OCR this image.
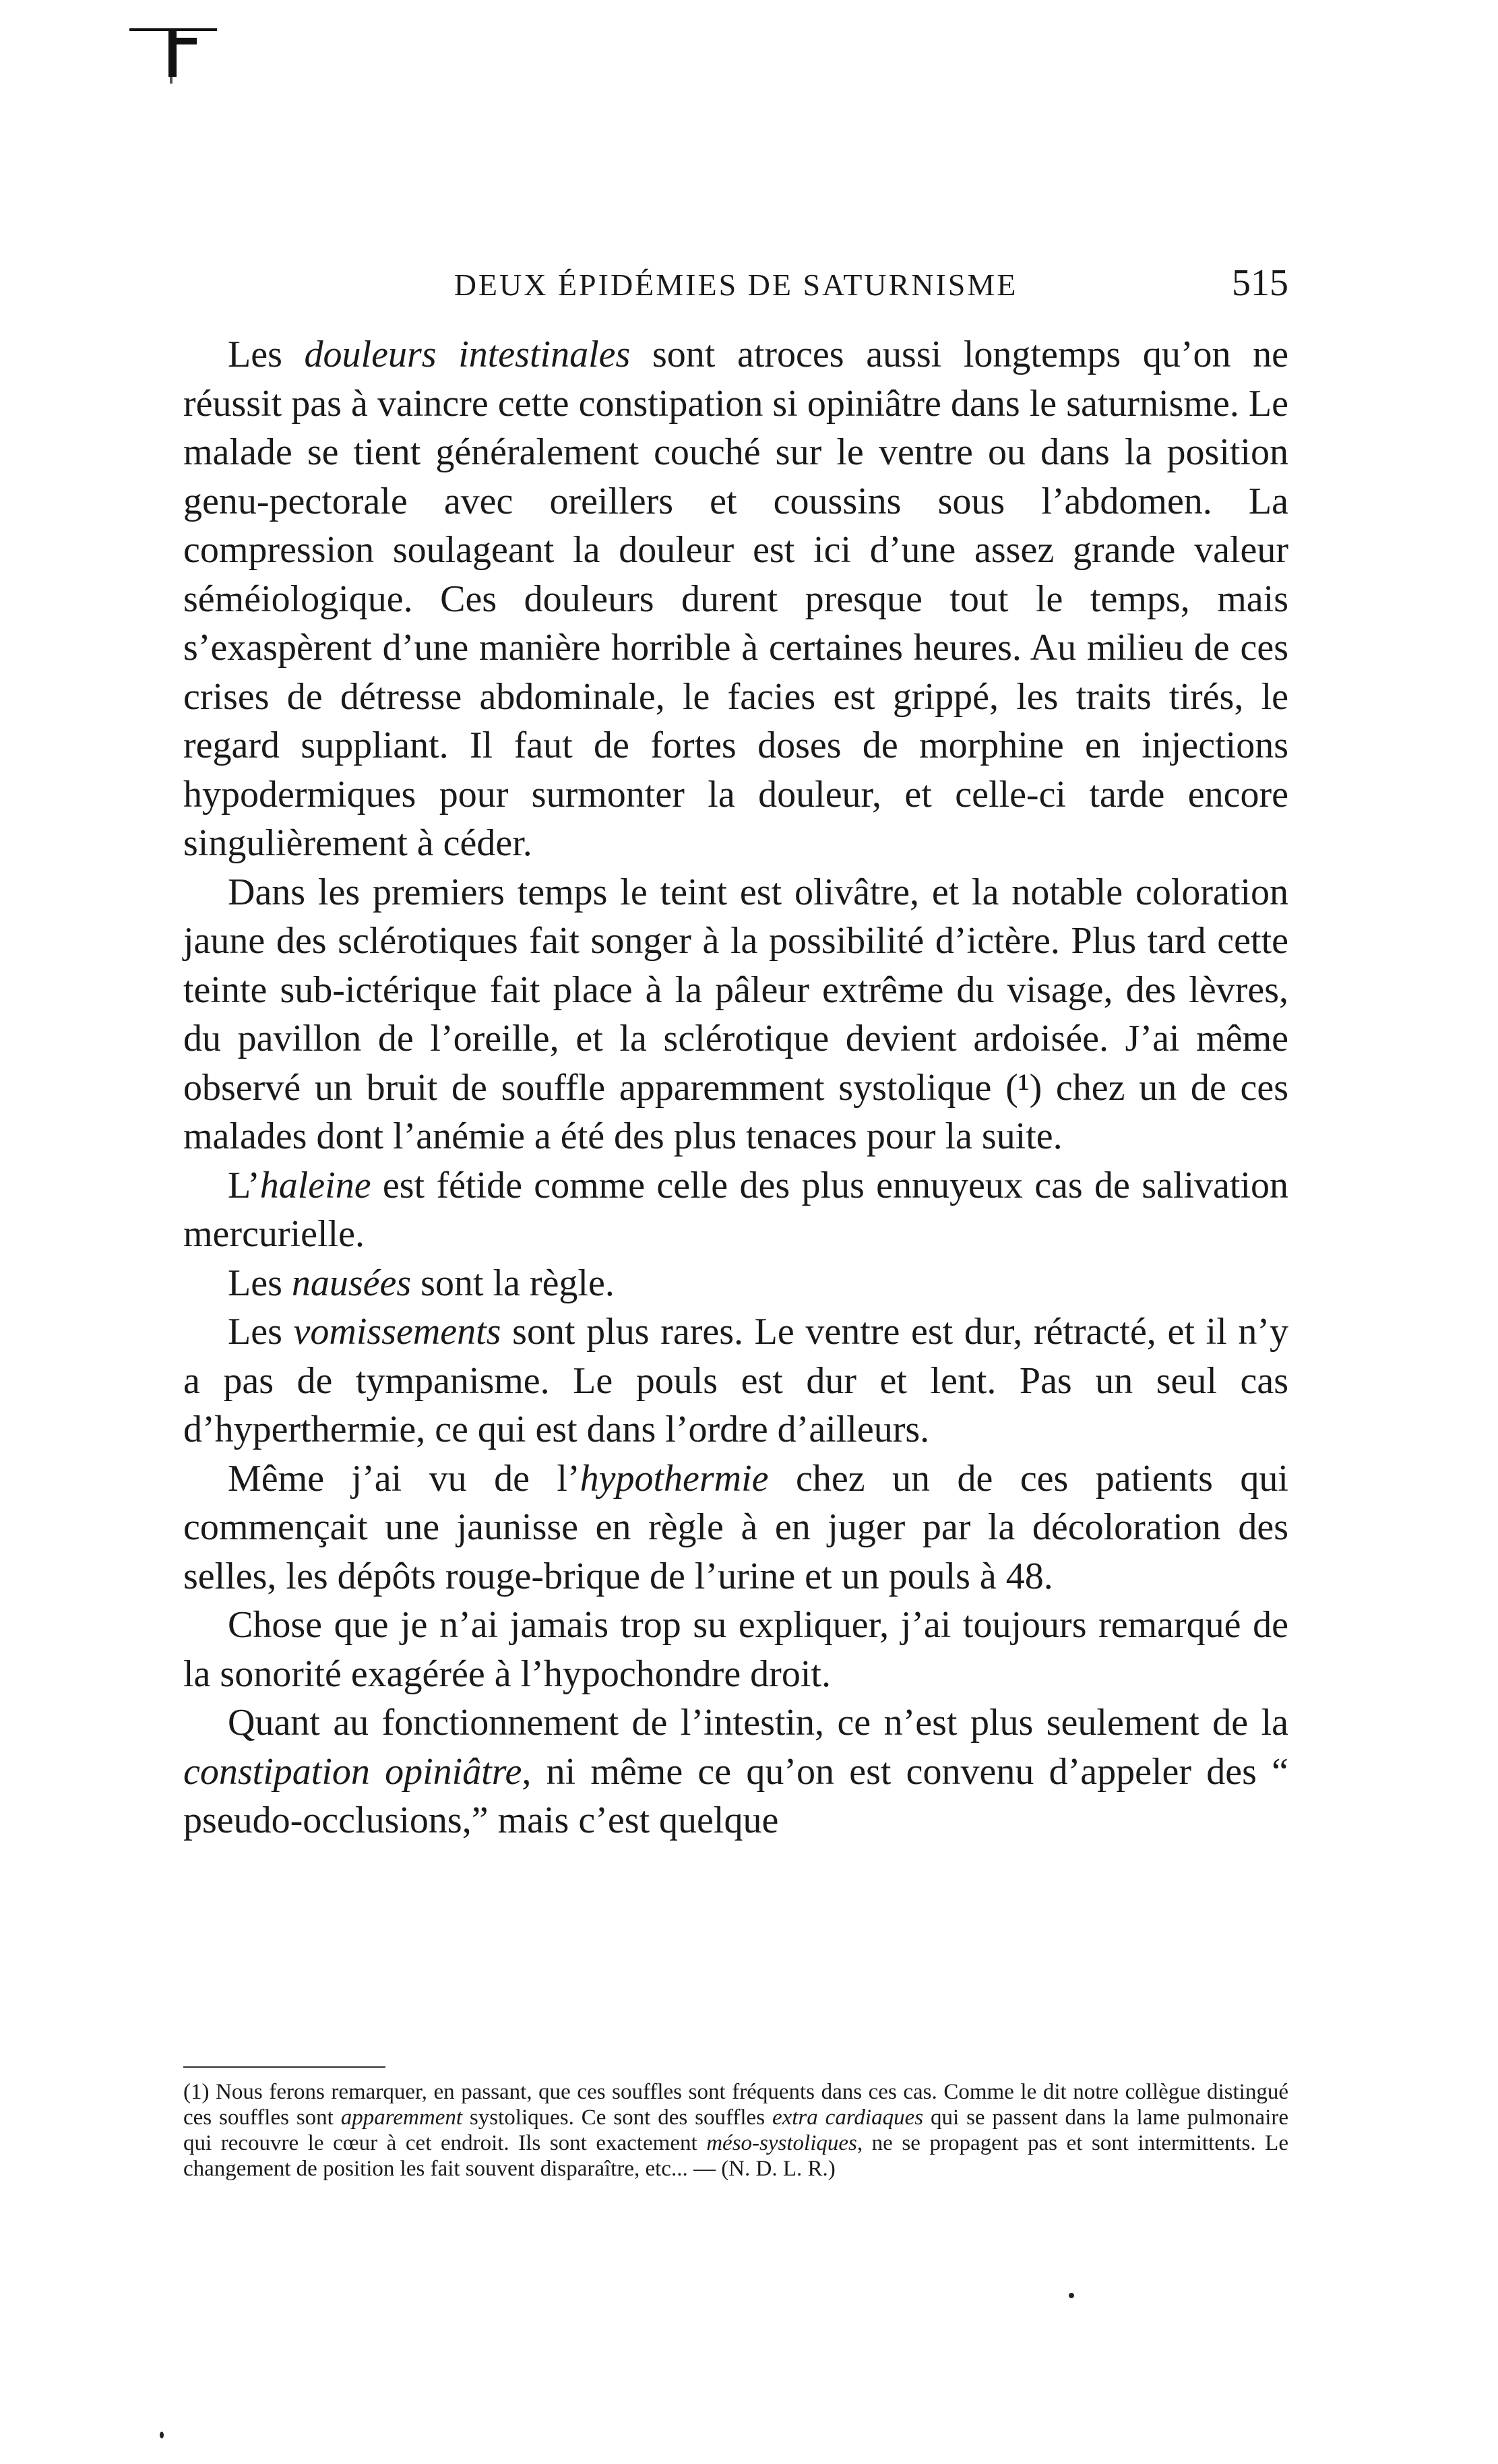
DEUX ÉPIDÉMIES DE SATURNISME	515

Les douleurs intestinales sont atroces aussi longtemps qu’on ne réussit pas à vaincre cette constipation si opiniâtre dans le saturnisme. Le malade se tient généralement couché sur le ventre ou dans la position genu-pectorale avec oreillers et coussins sous l’abdomen. La compression soulageant la douleur est ici d’une assez grande valeur séméiologique. Ces douleurs durent presque tout le temps, mais s’exaspèrent d’une manière horrible à certaines heures. Au milieu de ces crises de détresse abdominale, le facies est grippé, les traits tirés, le regard suppliant. Il faut de fortes doses de morphine en injections hypodermiques pour surmonter la douleur, et celle-ci tarde encore singulièrement à céder.

Dans les premiers temps le teint est olivâtre, et la notable coloration jaune des sclérotiques fait songer à la possibilité d’ictère. Plus tard cette teinte sub-ictérique fait place à la pâleur extrême du visage, des lèvres, du pavillon de l’oreille, et la sclérotique devient ardoisée. J’ai même observé un bruit de souffle apparemment systolique (¹) chez un de ces malades dont l’anémie a été des plus tenaces pour la suite.

L’haleine est fétide comme celle des plus ennuyeux cas de salivation mercurielle.

Les nausées sont la règle.

Les vomissements sont plus rares. Le ventre est dur, rétracté, et il n’y a pas de tympanisme. Le pouls est dur et lent. Pas un seul cas d’hyperthermie, ce qui est dans l’ordre d’ailleurs.

Même j’ai vu de l’hypothermie chez un de ces patients qui commençait une jaunisse en règle à en juger par la décoloration des selles, les dépôts rouge-brique de l’urine et un pouls à 48.

Chose que je n’ai jamais trop su expliquer, j’ai toujours remarqué de la sonorité exagérée à l’hypochondre droit.

Quant au fonctionnement de l’intestin, ce n’est plus seulement de la constipation opiniâtre, ni même ce qu’on est convenu d’appeler des “ pseudo-occlusions,” mais c’est quelque

(1) Nous ferons remarquer, en passant, que ces souffles sont fréquents dans ces cas. Comme le dit notre collègue distingué ces souffles sont apparemment systoliques. Ce sont des souffles extra cardiaques qui se passent dans la lame pulmonaire qui recouvre le cœur à cet endroit. Ils sont exactement méso-systoliques, ne se propagent pas et sont intermittents. Le changement de position les fait souvent disparaître, etc... — (N. D. L. R.)
